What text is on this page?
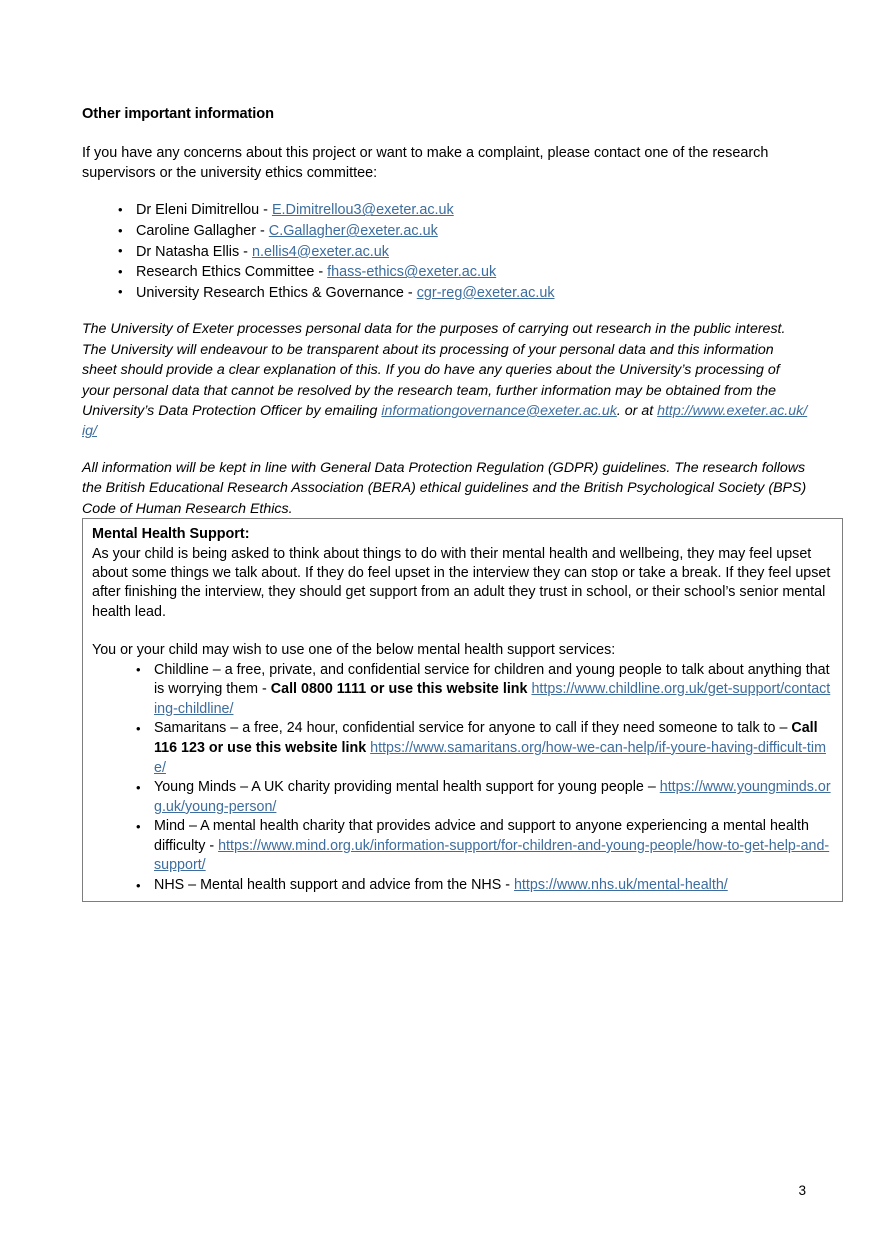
Other important information

If you have any concerns about this project or want to make a complaint, please contact one of the research supervisors or the university ethics committee:

• Dr Eleni Dimitrellou - E.Dimitrellou3@exeter.ac.uk
• Caroline Gallagher - C.Gallagher@exeter.ac.uk
• Dr Natasha Ellis - n.ellis4@exeter.ac.uk
• Research Ethics Committee - fhass-ethics@exeter.ac.uk
• University Research Ethics & Governance - cgr-reg@exeter.ac.uk

The University of Exeter processes personal data for the purposes of carrying out research in the public interest. The University will endeavour to be transparent about its processing of your personal data and this information sheet should provide a clear explanation of this. If you do have any queries about the University’s processing of your personal data that cannot be resolved by the research team, further information may be obtained from the University’s Data Protection Officer by emailing informationgovernance@exeter.ac.uk. or at http://www.exeter.ac.uk/ig/

All information will be kept in line with General Data Protection Regulation (GDPR) guidelines. The research follows the British Educational Research Association (BERA) ethical guidelines and the British Psychological Society (BPS) Code of Human Research Ethics.

Mental Health Support:

As your child is being asked to think about things to do with their mental health and wellbeing, they may feel upset about some things we talk about. If they do feel upset in the interview they can stop or take a break. If they feel upset after finishing the interview, they should get support from an adult they trust in school, or their school’s senior mental health lead.

You or your child may wish to use one of the below mental health support services:

• Childline – a free, private, and confidential service for children and young people to talk about anything that is worrying them - Call 0800 1111 or use this website link https://www.childline.org.uk/get-support/contacting-childline/
• Samaritans – a free, 24 hour, confidential service for anyone to call if they need someone to talk to – Call 116 123 or use this website link https://www.samaritans.org/how-we-can-help/if-youre-having-difficult-time/
• Young Minds – A UK charity providing mental health support for young people – https://www.youngminds.org.uk/young-person/
• Mind – A mental health charity that provides advice and support to anyone experiencing a mental health difficulty - https://www.mind.org.uk/information-support/for-children-and-young-people/how-to-get-help-and-support/
• NHS – Mental health support and advice from the NHS - https://www.nhs.uk/mental-health/
3
